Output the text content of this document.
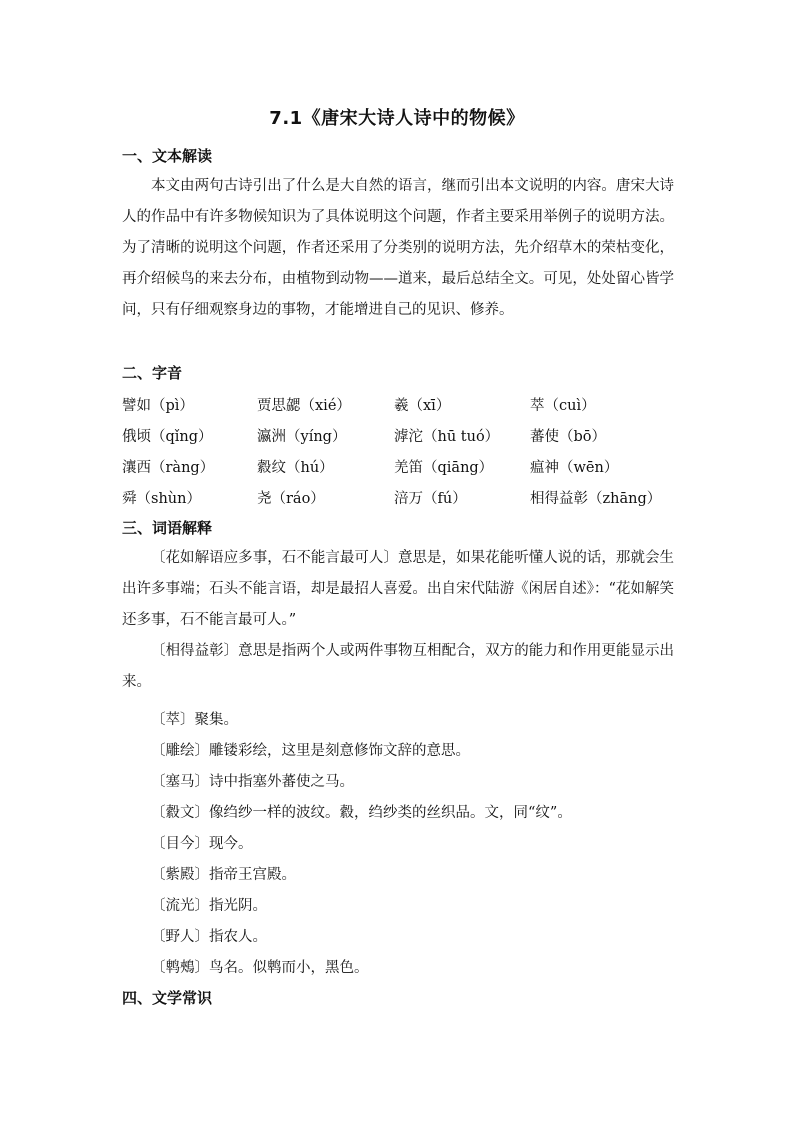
7.1《唐宋大诗人诗中的物候》
一、文本解读
本文由两句古诗引出了什么是大自然的语言，继而引出本文说明的内容。唐宋大诗人的作品中有许多物候知识为了具体说明这个问题，作者主要采用举例子的说明方法。为了清晰的说明这个问题，作者还采用了分类别的说明方法，先介绍草木的荣枯变化，再介绍候鸟的来去分布，由植物到动物——道来，最后总结全文。可见，处处留心皆学问，只有仔细观察身边的事物，才能增进自己的见识、修养。
二、字音
譬如（pì）	贾思勰（xié）	羲（xī）	萃（cuì）
俄顷（qǐng）	瀛洲（yíng）	滹沱（hū tuó） 蕃使（bō）
瀼西（ràng）	縠纹（hú）	羌笛（qiāng）	瘟神（wēn）
舜（shùn）	尧（ráo）	涪万（fú）	相得益彰（zhāng）
三、词语解释
〔花如解语应多事，石不能言最可人〕意思是，如果花能听懂人说的话，那就会生出许多事端；石头不能言语，却是最招人喜爱。出自宋代陆游《闲居自述》：“花如解笑还多事，石不能言最可人。”
〔相得益彰〕意思是指两个人或两件事物互相配合，双方的能力和作用更能显示出来。
〔萃〕聚集。
〔雕绘〕雕镂彩绘，这里是刻意修饰文辞的意思。
〔塞马〕诗中指塞外蕃使之马。
〔縠文〕像绉纱一样的波纹。縠，绉纱类的丝织品。文，同“纹”。
〔目今〕现今。
〔紫殿〕指帝王宫殿。
〔流光〕指光阴。
〔野人〕指农人。
〔鹎鵊〕鸟名。似鹎而小，黑色。
四、文学常识
